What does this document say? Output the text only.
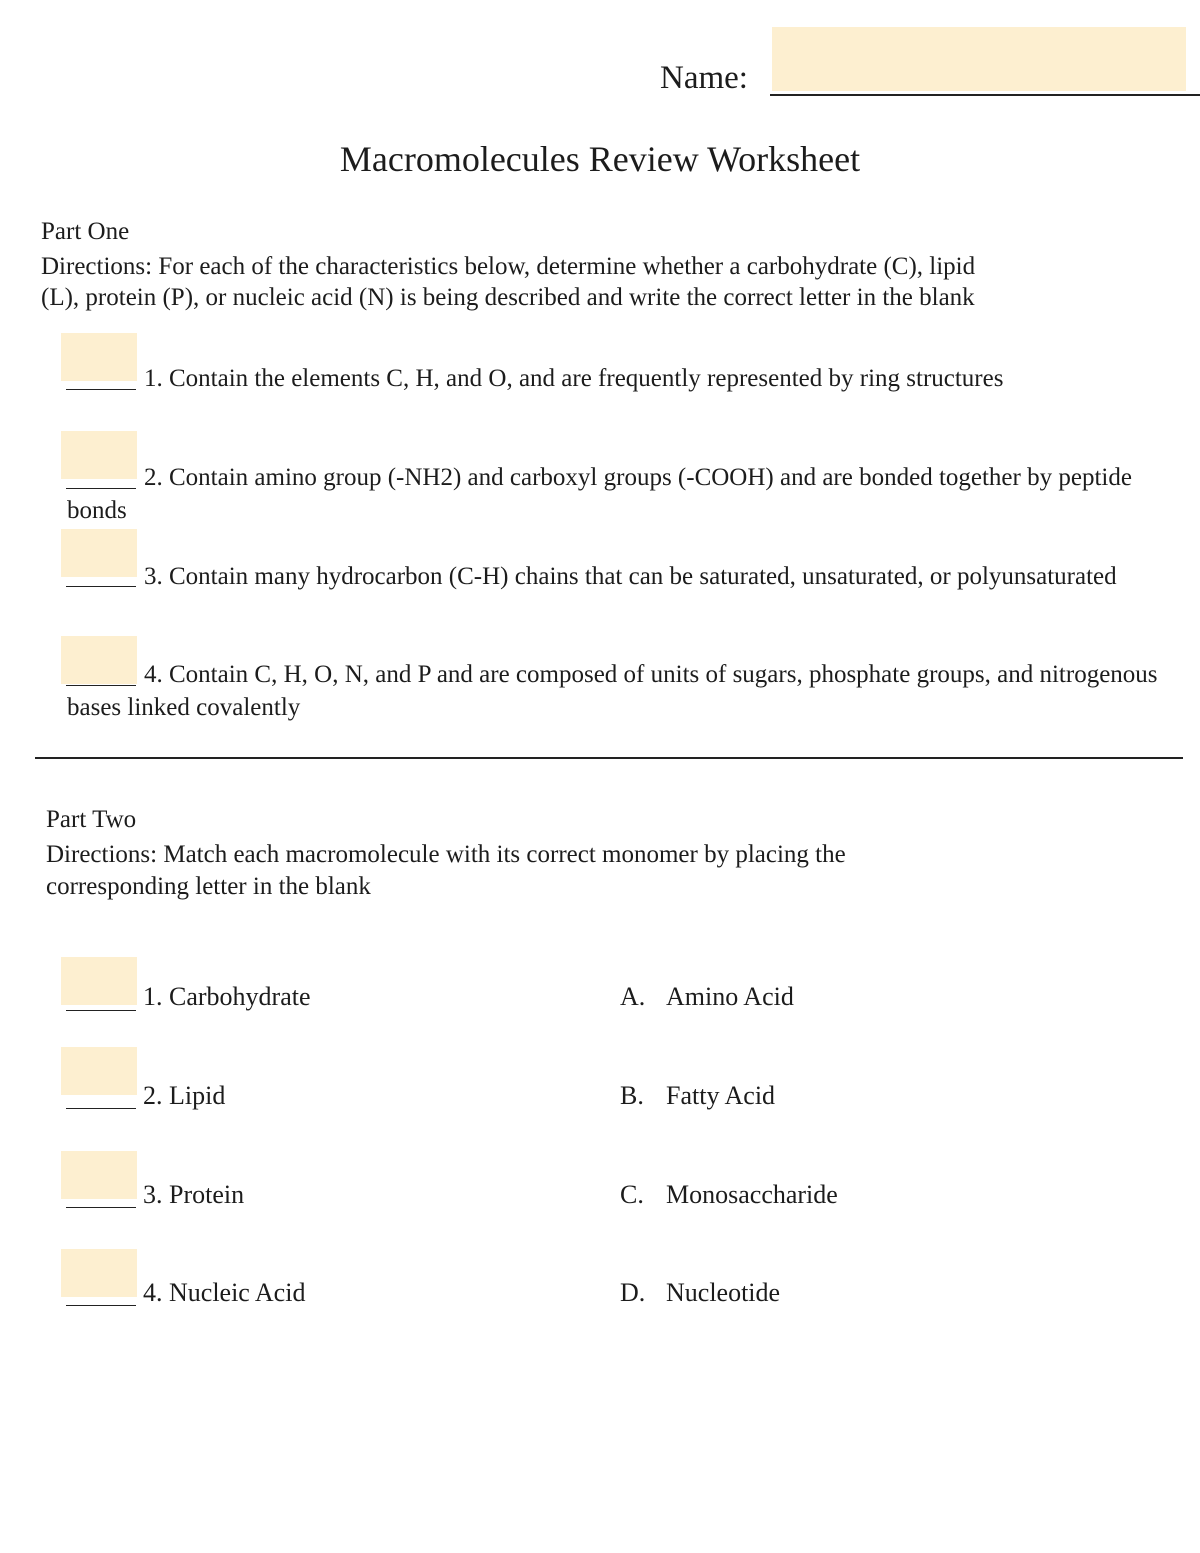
Name:
Macromolecules Review Worksheet
Part One
Directions: For each of the characteristics below, determine whether a carbohydrate (C), lipid
(L), protein (P), or nucleic acid (N) is being described and write the correct letter in the blank
1. Contain the elements C, H, and O, and are frequently represented by ring structures
2. Contain amino group (-NH2) and carboxyl groups (-COOH) and are bonded together by peptide bonds
3. Contain many hydrocarbon (C-H) chains that can be saturated, unsaturated, or polyunsaturated
4. Contain C, H, O, N, and P and are composed of units of sugars, phosphate groups, and nitrogenous bases linked covalently
Part Two
Directions: Match each macromolecule with its correct monomer by placing the
corresponding letter in the blank
1. Carbohydrate	A. Amino Acid
2. Lipid	B. Fatty Acid
3. Protein	C. Monosaccharide
4. Nucleic Acid	D. Nucleotide
